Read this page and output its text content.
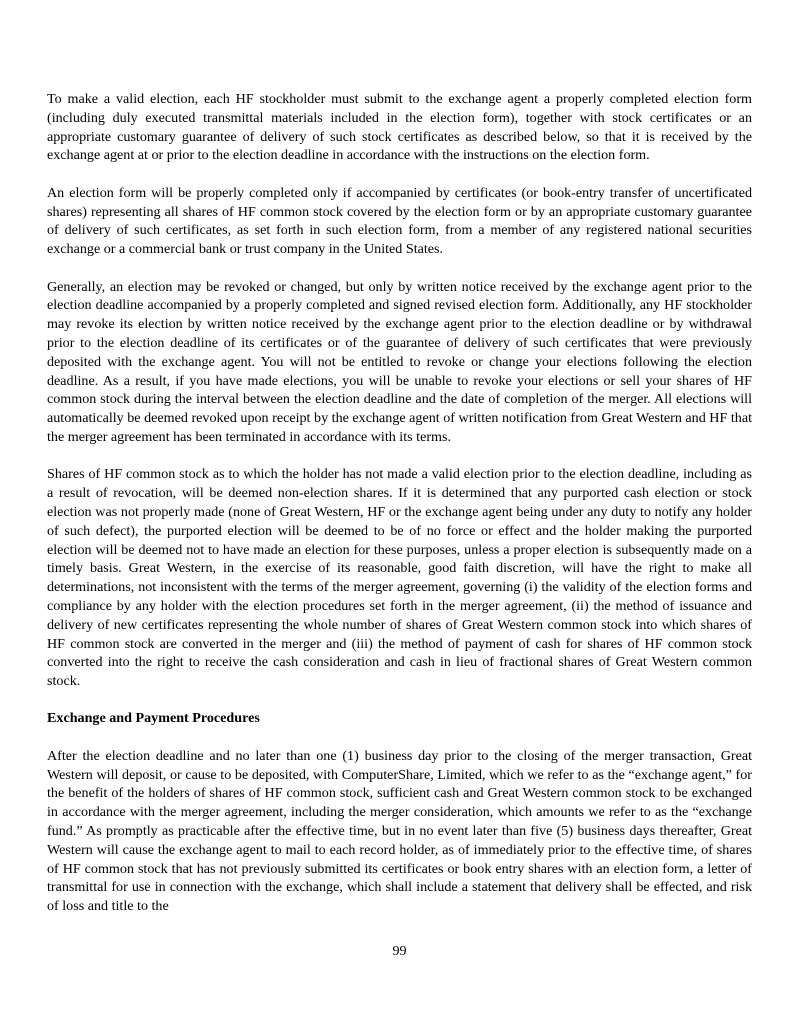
To make a valid election, each HF stockholder must submit to the exchange agent a properly completed election form (including duly executed transmittal materials included in the election form), together with stock certificates or an appropriate customary guarantee of delivery of such stock certificates as described below, so that it is received by the exchange agent at or prior to the election deadline in accordance with the instructions on the election form.

An election form will be properly completed only if accompanied by certificates (or book-entry transfer of uncertificated shares) representing all shares of HF common stock covered by the election form or by an appropriate customary guarantee of delivery of such certificates, as set forth in such election form, from a member of any registered national securities exchange or a commercial bank or trust company in the United States.

Generally, an election may be revoked or changed, but only by written notice received by the exchange agent prior to the election deadline accompanied by a properly completed and signed revised election form. Additionally, any HF stockholder may revoke its election by written notice received by the exchange agent prior to the election deadline or by withdrawal prior to the election deadline of its certificates or of the guarantee of delivery of such certificates that were previously deposited with the exchange agent. You will not be entitled to revoke or change your elections following the election deadline. As a result, if you have made elections, you will be unable to revoke your elections or sell your shares of HF common stock during the interval between the election deadline and the date of completion of the merger. All elections will automatically be deemed revoked upon receipt by the exchange agent of written notification from Great Western and HF that the merger agreement has been terminated in accordance with its terms.

Shares of HF common stock as to which the holder has not made a valid election prior to the election deadline, including as a result of revocation, will be deemed non-election shares. If it is determined that any purported cash election or stock election was not properly made (none of Great Western, HF or the exchange agent being under any duty to notify any holder of such defect), the purported election will be deemed to be of no force or effect and the holder making the purported election will be deemed not to have made an election for these purposes, unless a proper election is subsequently made on a timely basis. Great Western, in the exercise of its reasonable, good faith discretion, will have the right to make all determinations, not inconsistent with the terms of the merger agreement, governing (i) the validity of the election forms and compliance by any holder with the election procedures set forth in the merger agreement, (ii) the method of issuance and delivery of new certificates representing the whole number of shares of Great Western common stock into which shares of HF common stock are converted in the merger and (iii) the method of payment of cash for shares of HF common stock converted into the right to receive the cash consideration and cash in lieu of fractional shares of Great Western common stock.

Exchange and Payment Procedures

After the election deadline and no later than one (1) business day prior to the closing of the merger transaction, Great Western will deposit, or cause to be deposited, with ComputerShare, Limited, which we refer to as the “exchange agent,” for the benefit of the holders of shares of HF common stock, sufficient cash and Great Western common stock to be exchanged in accordance with the merger agreement, including the merger consideration, which amounts we refer to as the “exchange fund.” As promptly as practicable after the effective time, but in no event later than five (5) business days thereafter, Great Western will cause the exchange agent to mail to each record holder, as of immediately prior to the effective time, of shares of HF common stock that has not previously submitted its certificates or book entry shares with an election form, a letter of transmittal for use in connection with the exchange, which shall include a statement that delivery shall be effected, and risk of loss and title to the

99
